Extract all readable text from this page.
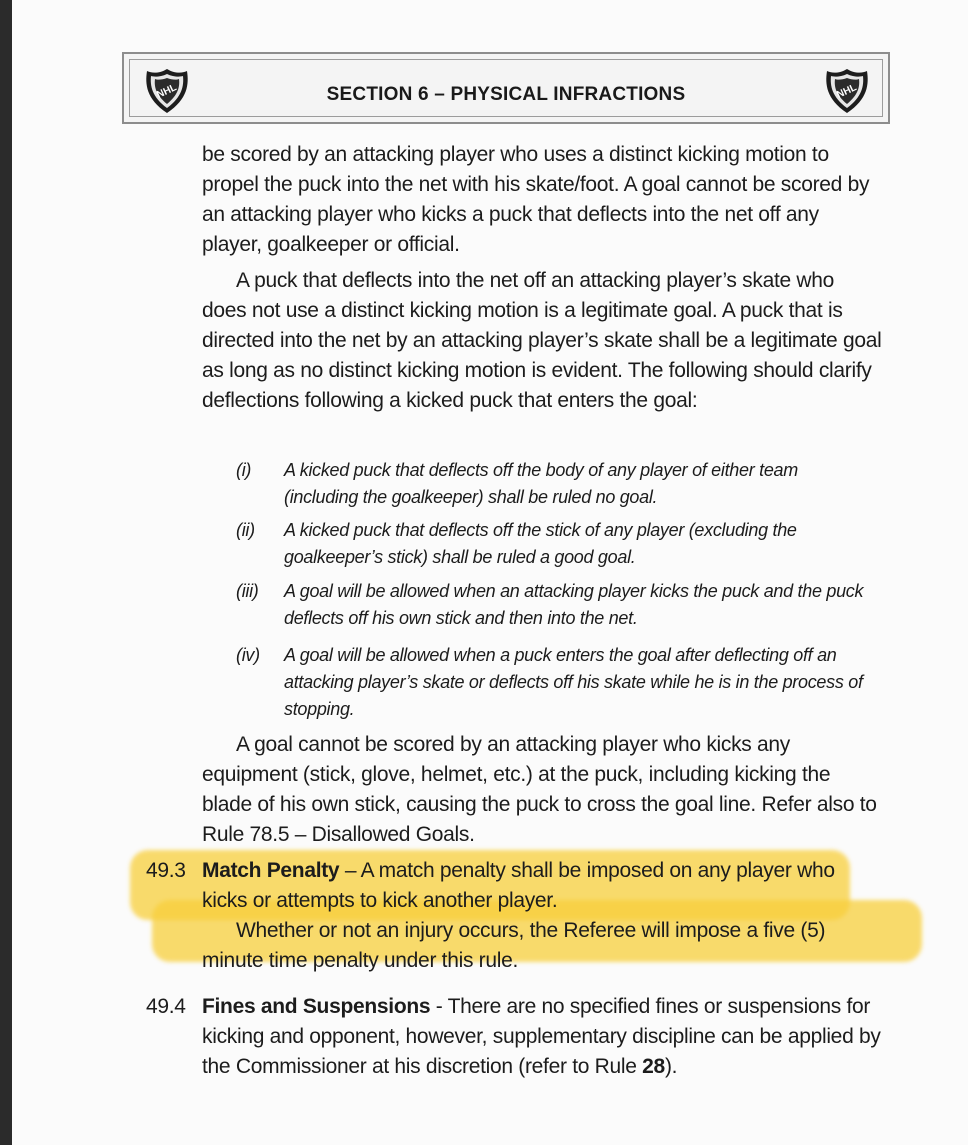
NHL	SECTION 6 – PHYSICAL INFRACTIONS	NHL
be scored by an attacking player who uses a distinct kicking motion to propel the puck into the net with his skate/foot. A goal cannot be scored by an attacking player who kicks a puck that deflects into the net off any player, goalkeeper or official.
A puck that deflects into the net off an attacking player’s skate who does not use a distinct kicking motion is a legitimate goal. A puck that is directed into the net by an attacking player’s skate shall be a legitimate goal as long as no distinct kicking motion is evident. The following should clarify deflections following a kicked puck that enters the goal:
(i) A kicked puck that deflects off the body of any player of either team (including the goalkeeper) shall be ruled no goal.
(ii) A kicked puck that deflects off the stick of any player (excluding the goalkeeper’s stick) shall be ruled a good goal.
(iii) A goal will be allowed when an attacking player kicks the puck and the puck deflects off his own stick and then into the net.
(iv) A goal will be allowed when a puck enters the goal after deflecting off an attacking player’s skate or deflects off his skate while he is in the process of stopping.
A goal cannot be scored by an attacking player who kicks any equipment (stick, glove, helmet, etc.) at the puck, including kicking the blade of his own stick, causing the puck to cross the goal line. Refer also to Rule 78.5 – Disallowed Goals.
49.3 Match Penalty – A match penalty shall be imposed on any player who kicks or attempts to kick another player.
Whether or not an injury occurs, the Referee will impose a five (5) minute time penalty under this rule.
49.4 Fines and Suspensions - There are no specified fines or suspensions for kicking and opponent, however, supplementary discipline can be applied by the Commissioner at his discretion (refer to Rule 28).
